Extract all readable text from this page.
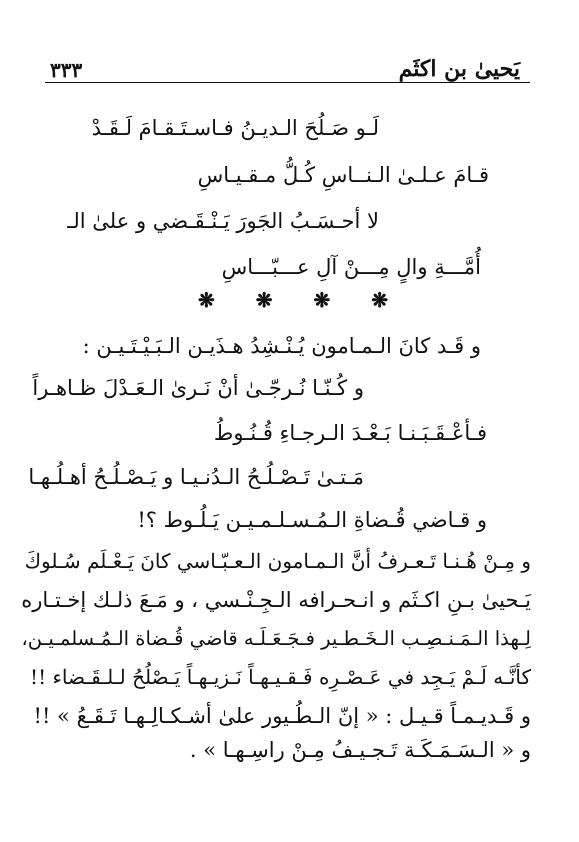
٣٣٣	يَحيىٰ بن اكثَم
لَـو صَـلُحَ الـديـنُ فـاسـتَـقـامَ لَـقَـدْ
قـامَ عـلـىٰ الـنــاسِ كُـلُّ مـقـيـاسِ
لا أحـسَـبُ الجَورَ يَـنْـقَـضي و علىٰ الـ
أُمَّـــةِ والٍ مِـــنْ آلِ عـــبّـــاسِ
❋ ❋ ❋ ❋
و قَـد كانَ الـمـامون يُـنْـشِدُ هـذَيـن الـبَـيْـتَـيـن :
و كُـنّـا نُـرجّـىٰ أنْ نَـرىٰ الـعَـدْلَ ظـاهـراً
فـأعْـقَـبَـنـا بَـعْـدَ الـرجـاءِ قُـنُـوطُ
مَـتـىٰ تَـصْـلُـحُ الـدُنـيـا و يَـصْـلُـحُ أهـلُـهـا
و قـاضي قُـضاةِ الـمُـسـلـمـيـن يَـلُـوط ؟!
و مِـنْ هُـنـا تَـعـرفُ أنَّ الـمـامون الـعـبّـاسي كانَ يَـعْـلَم سُـلوكَ
يَـحيىٰ بـنِ اكـثَم و انـحـرافه الـجِـنْـسي ، و مَـعَ ذلـك إخـتـاره
لِـهذا الـمَـنـصِـب الـخَـطـير فـجَـعَـلَـه قاضي قُـضاة الـمُـسلمـيـن،
كأنَّـه لَـمْ يَـجِد في عَـصْـرِه فَـقـيـهـاً نَـزيـهـاً يَـصْلُحُ لـلـقَـضاء !!
و قَـديـمـاً قـيـل : « إنّ الـطُـيور علىٰ أشـكـالِـهـا تَـقَـعُ » !!
و « الـسَـمَـكَـة تَـجـيـفُ مِـنْ راسِـهـا » .
